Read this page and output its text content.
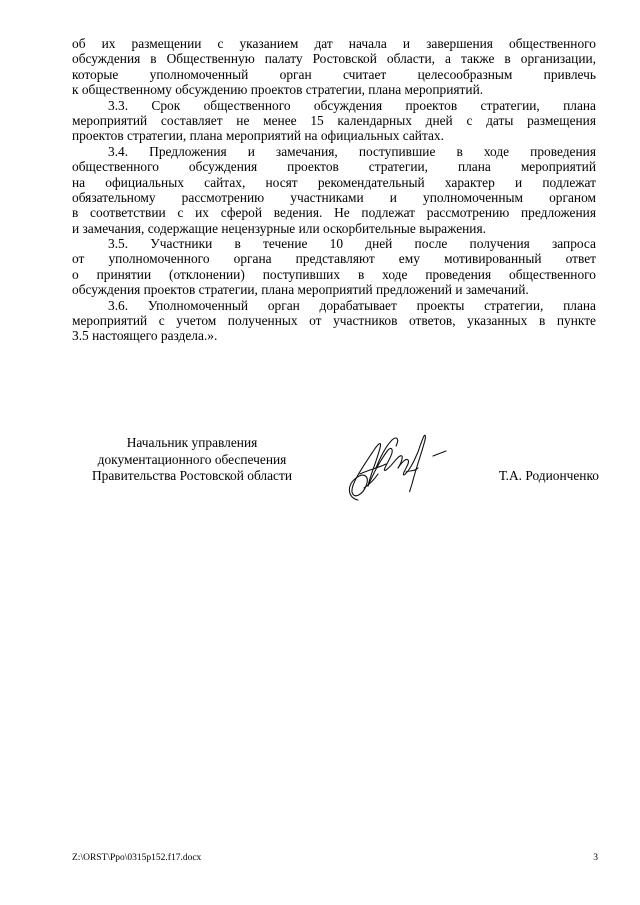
об их размещении с указанием дат начала и завершения общественного
обсуждения в Общественную палату Ростовской области, а также в организации,
которые уполномоченный орган считает целесообразным привлечь
к общественному обсуждению проектов стратегии, плана мероприятий.
3.3. Срок общественного обсуждения проектов стратегии, плана
мероприятий составляет не менее 15 календарных дней с даты размещения
проектов стратегии, плана мероприятий на официальных сайтах.
3.4. Предложения и замечания, поступившие в ходе проведения
общественного обсуждения проектов стратегии, плана мероприятий
на официальных сайтах, носят рекомендательный характер и подлежат
обязательному рассмотрению участниками и уполномоченным органом
в соответствии с их сферой ведения. Не подлежат рассмотрению предложения
и замечания, содержащие нецензурные или оскорбительные выражения.
3.5. Участники в течение 10 дней после получения запроса
от уполномоченного органа представляют ему мотивированный ответ
о принятии (отклонении) поступивших в ходе проведения общественного
обсуждения проектов стратегии, плана мероприятий предложений и замечаний.
3.6. Уполномоченный орган дорабатывает проекты стратегии, плана
мероприятий с учетом полученных от участников ответов, указанных в пункте
3.5 настоящего раздела.».
Начальник управления
документационного обеспечения
Правительства Ростовской области	Т.А. Родионченко
Z:\ORST\Ppo\0315p152.f17.docx	3
